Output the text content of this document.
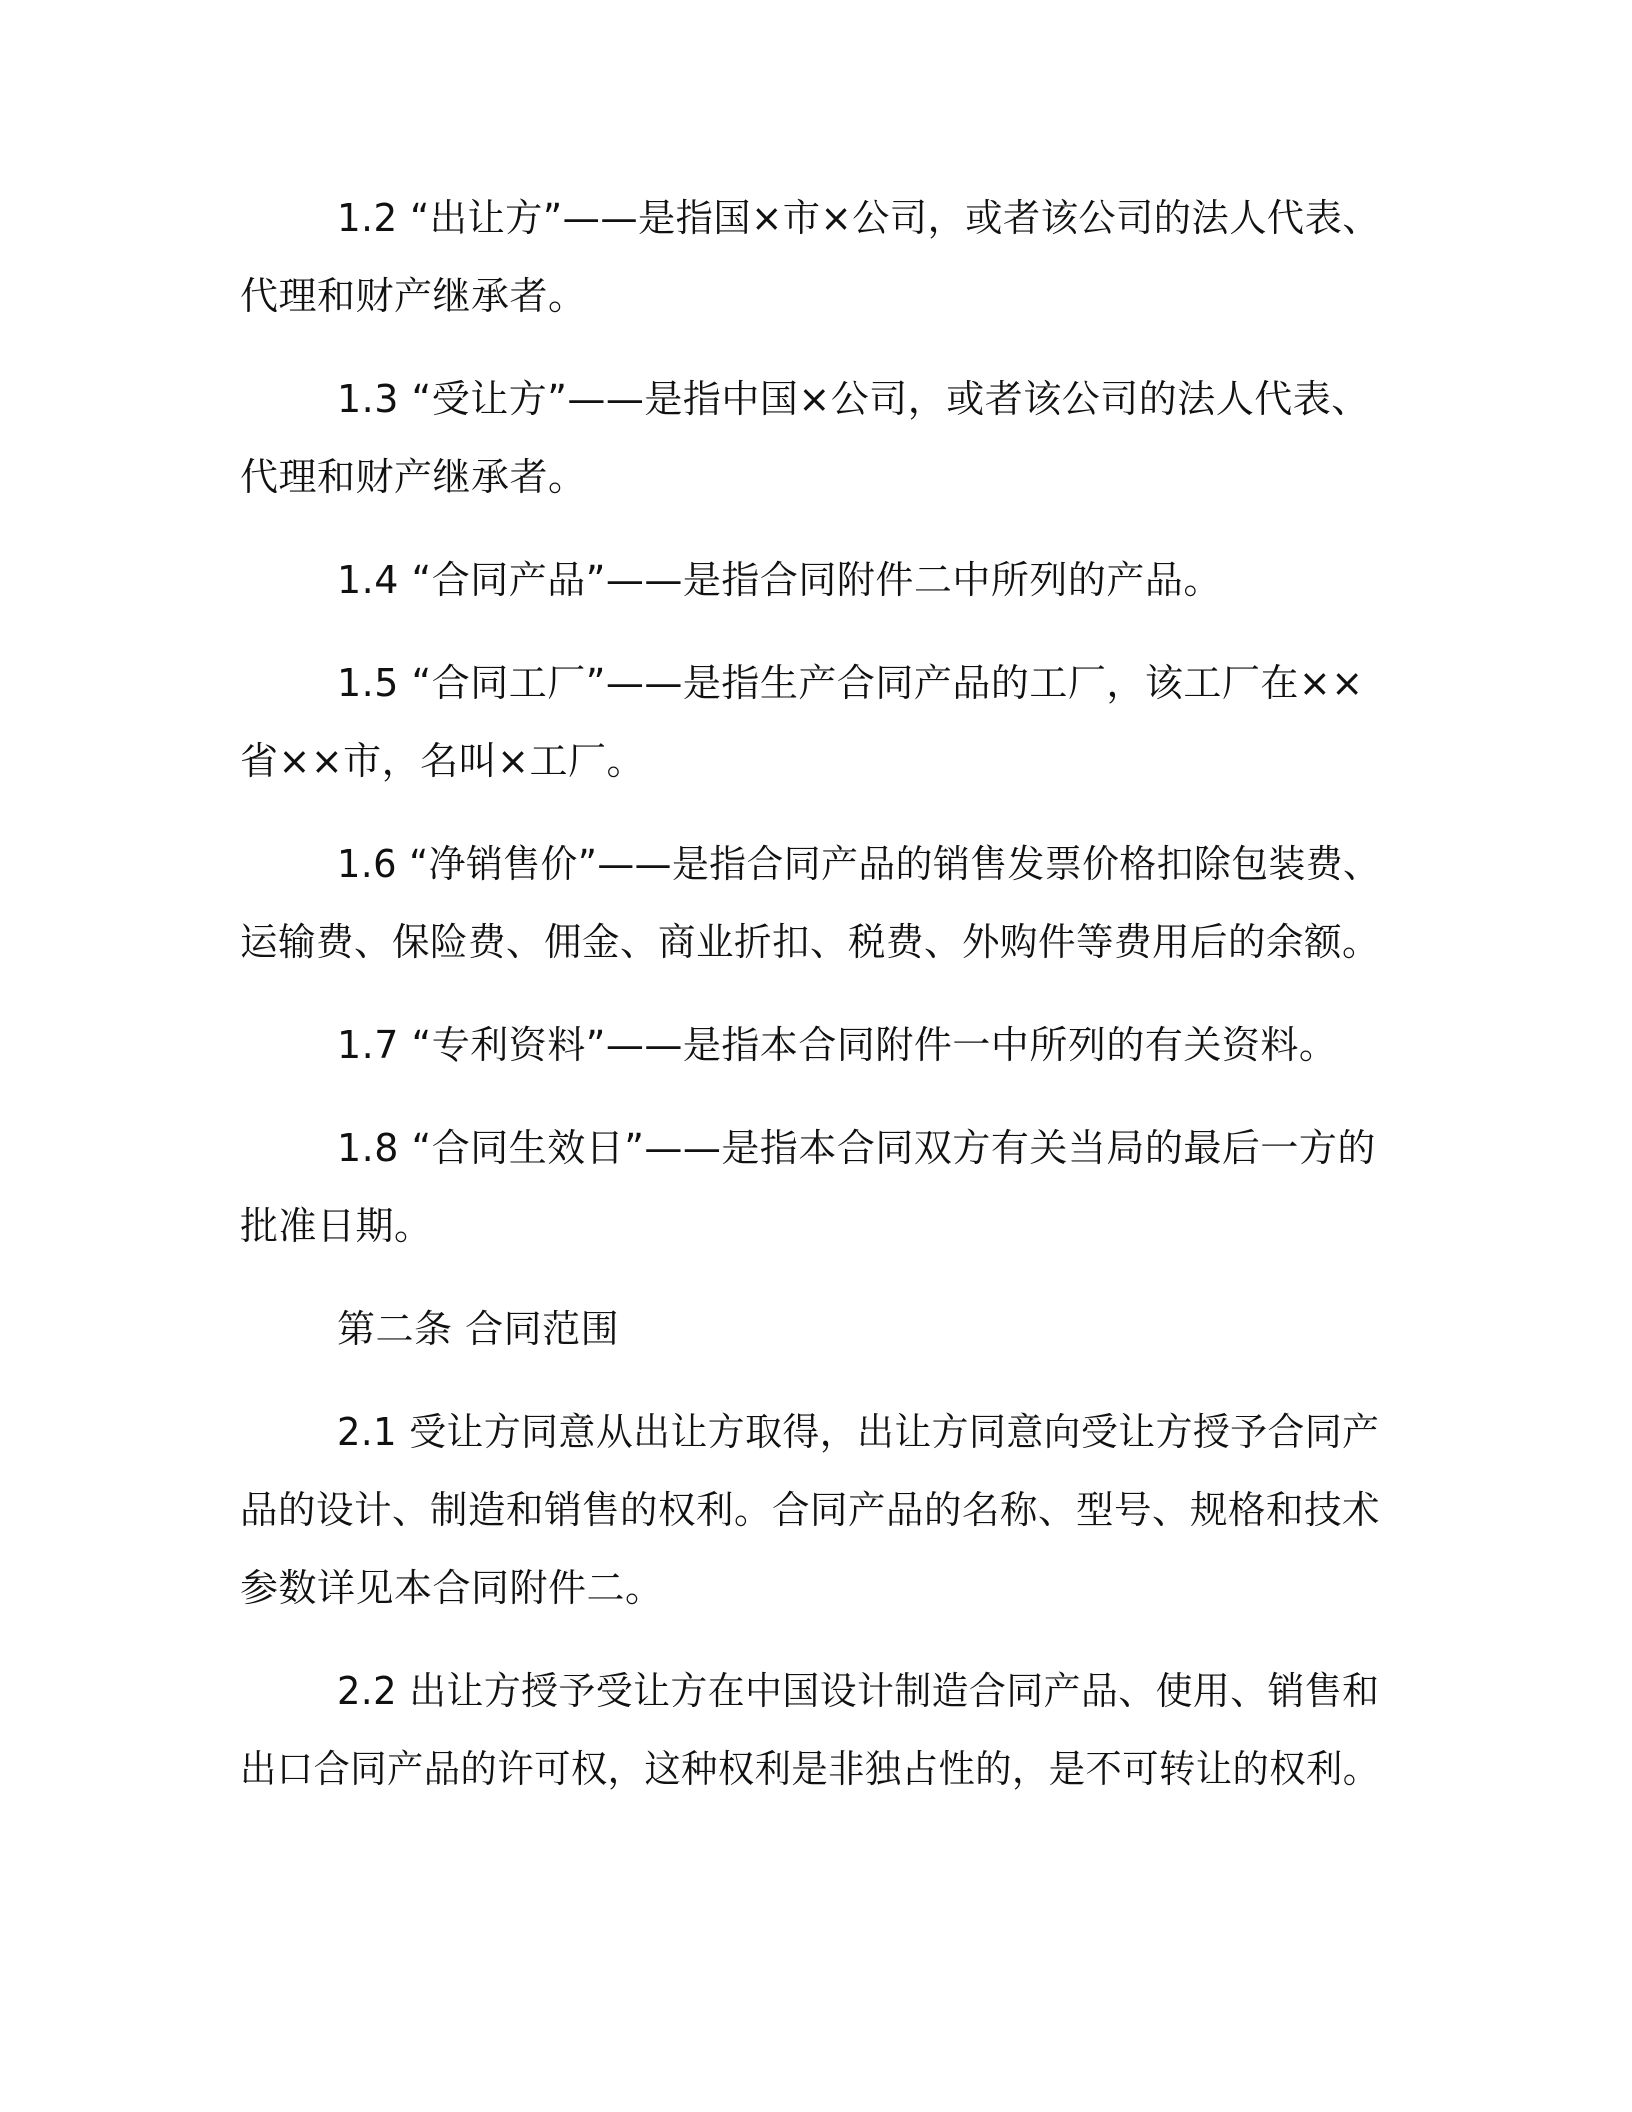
1.2 “出让方”——是指国×市×公司，或者该公司的法人代表、
代理和财产继承者。
1.3 “受让方”——是指中国×公司，或者该公司的法人代表、
代理和财产继承者。
1.4 “合同产品”——是指合同附件二中所列的产品。
1.5 “合同工厂”——是指生产合同产品的工厂，该工厂在××
省××市，名叫×工厂。
1.6 “净销售价”——是指合同产品的销售发票价格扣除包装费、
运输费、保险费、佣金、商业折扣、税费、外购件等费用后的余额。
1.7 “专利资料”——是指本合同附件一中所列的有关资料。
1.8 “合同生效日”——是指本合同双方有关当局的最后一方的
批准日期。
第二条 合同范围
2.1 受让方同意从出让方取得，出让方同意向受让方授予合同产
品的设计、制造和销售的权利。合同产品的名称、型号、规格和技术
参数详见本合同附件二。
2.2 出让方授予受让方在中国设计制造合同产品、使用、销售和
出口合同产品的许可权，这种权利是非独占性的，是不可转让的权利。
